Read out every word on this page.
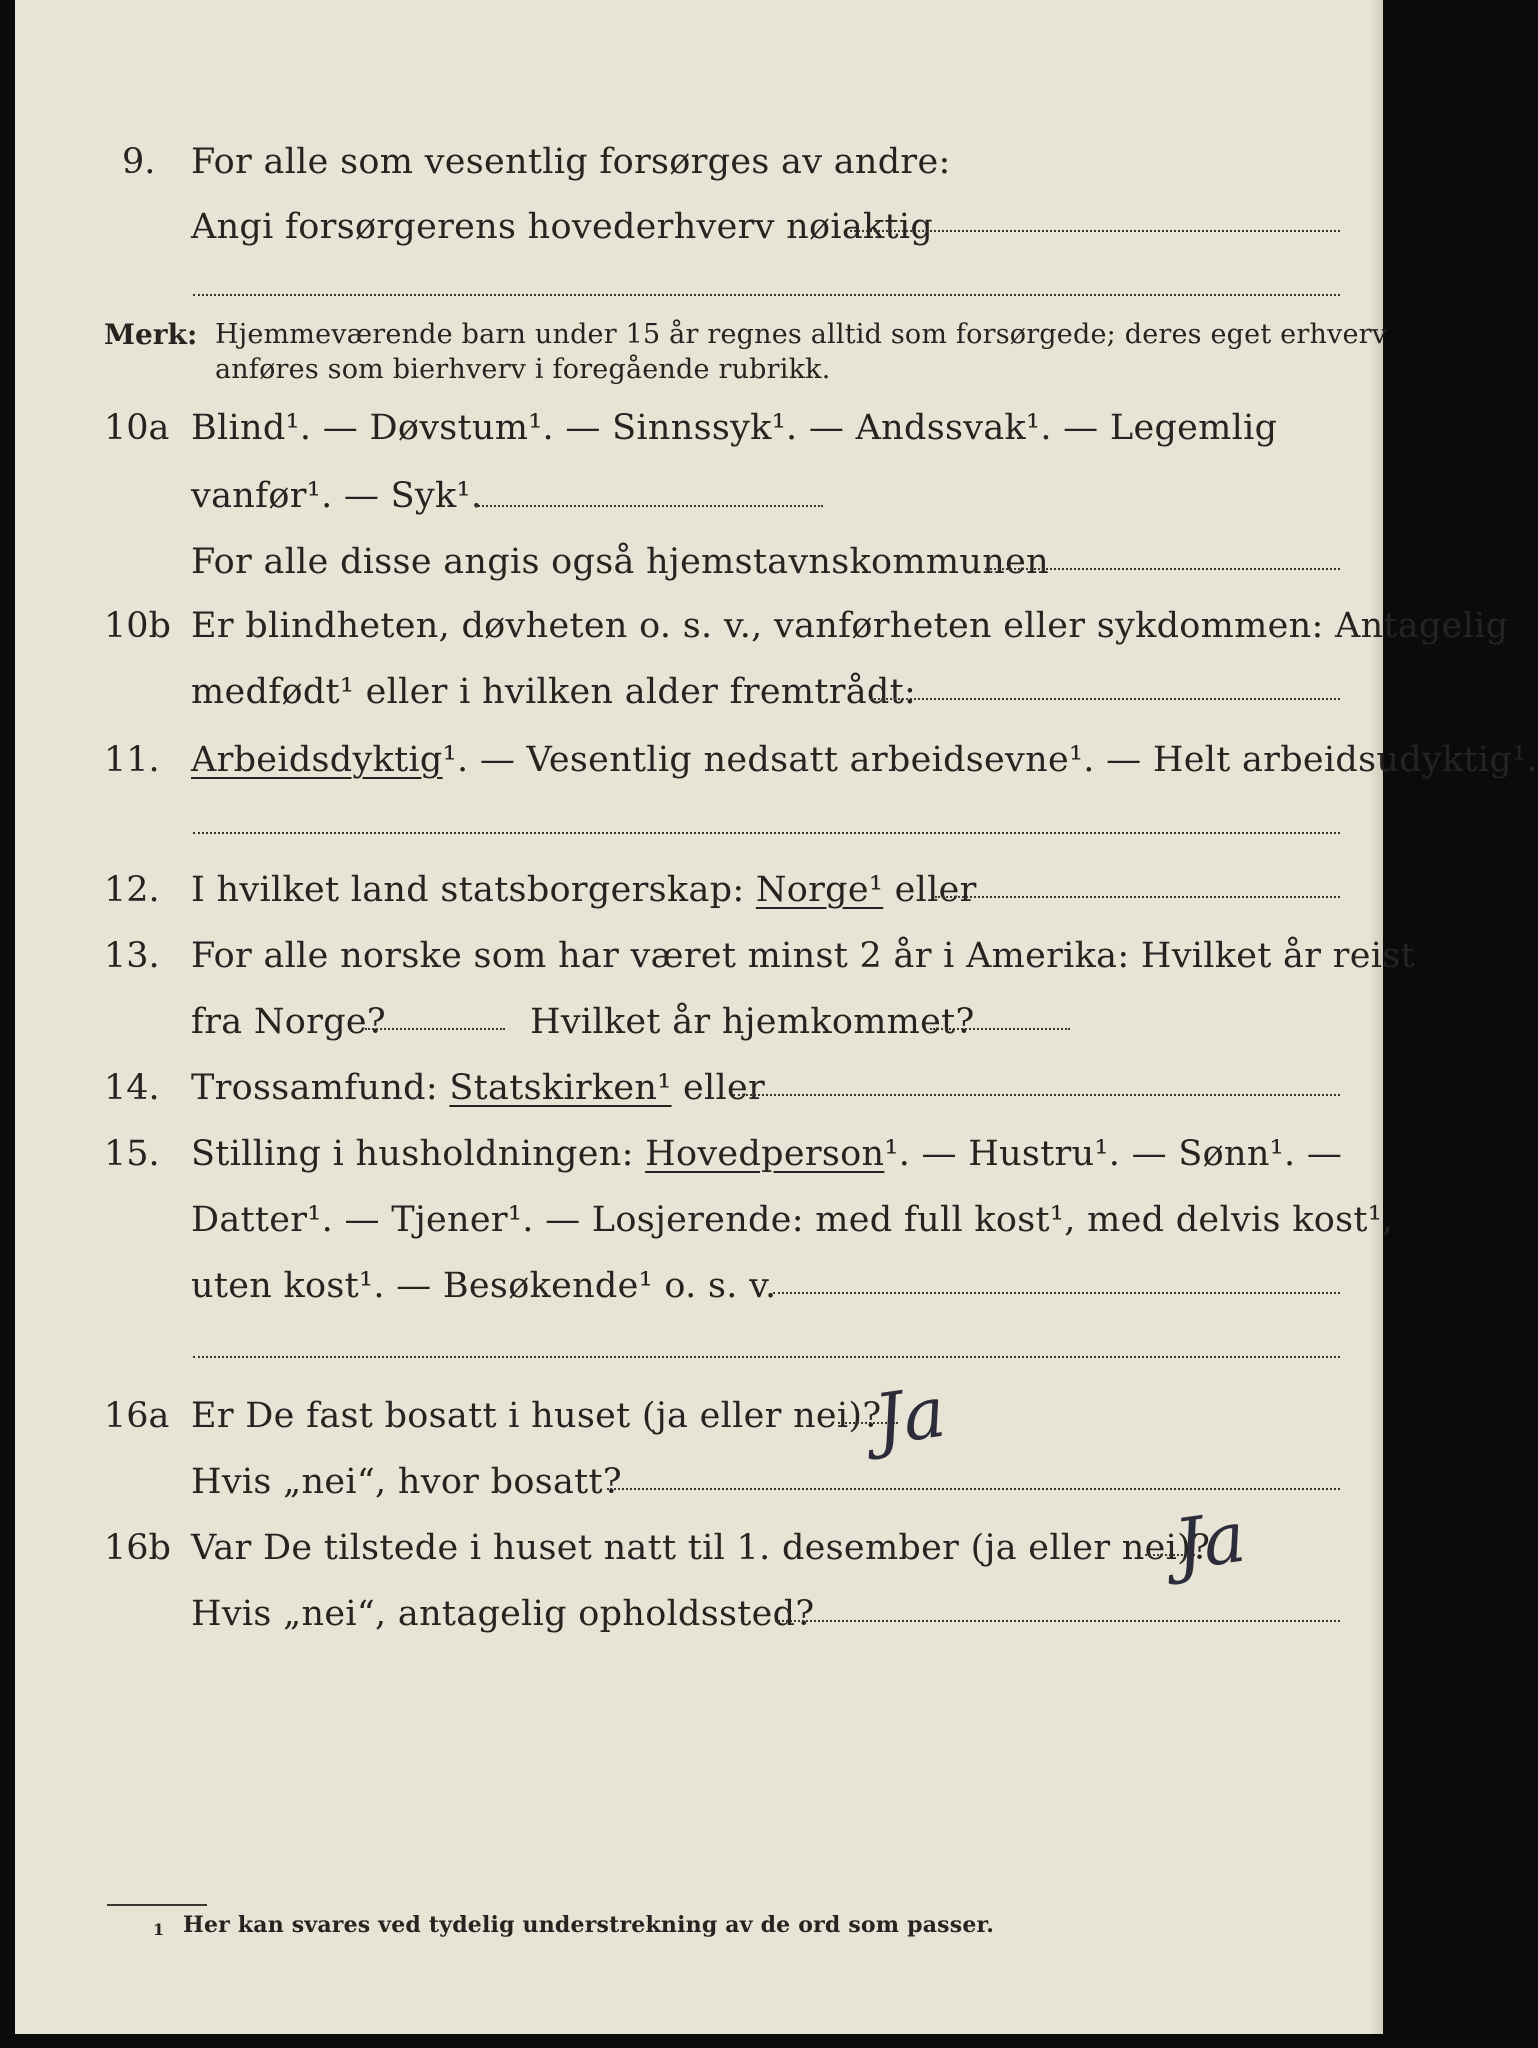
9. For alle som vesentlig forsørges av andre:
Angi forsørgerens hovederhverv nøiaktig
Merk: Hjemmeværende barn under 15 år regnes alltid som forsørgede; deres eget erhverv
anføres som bierhverv i foregående rubrikk.
10a Blind¹. — Døvstum¹. — Sinnssyk¹. — Andssvak¹. — Legemlig
vanfør¹. — Syk¹.
For alle disse angis også hjemstavnskommunen
10b Er blindheten, døvheten o. s. v., vanførheten eller sykdommen: Antagelig
medfødt¹ eller i hvilken alder fremtrådt:
11. Arbeidsdyktig¹. — Vesentlig nedsatt arbeidsevne¹. — Helt arbeidsudyktig¹.
12. I hvilket land statsborgerskap: Norge¹ eller
13. For alle norske som har været minst 2 år i Amerika: Hvilket år reist
fra Norge?	Hvilket år hjemkommet?
14. Trossamfund: Statskirken¹ eller
15. Stilling i husholdningen: Hovedperson¹. — Hustru¹. — Sønn¹. —
Datter¹. — Tjener¹. — Losjerende: med full kost¹, med delvis kost¹,
uten kost¹. — Besøkende¹ o. s. v.
16a Er De fast bosatt i huset (ja eller nei)?
Ja
Hvis „nei“, hvor bosatt?
16b Var De tilstede i huset natt til 1. desember (ja eller nei)?
Ja
Hvis „nei“, antagelig opholdssted?
1 Her kan svares ved tydelig understrekning av de ord som passer.
